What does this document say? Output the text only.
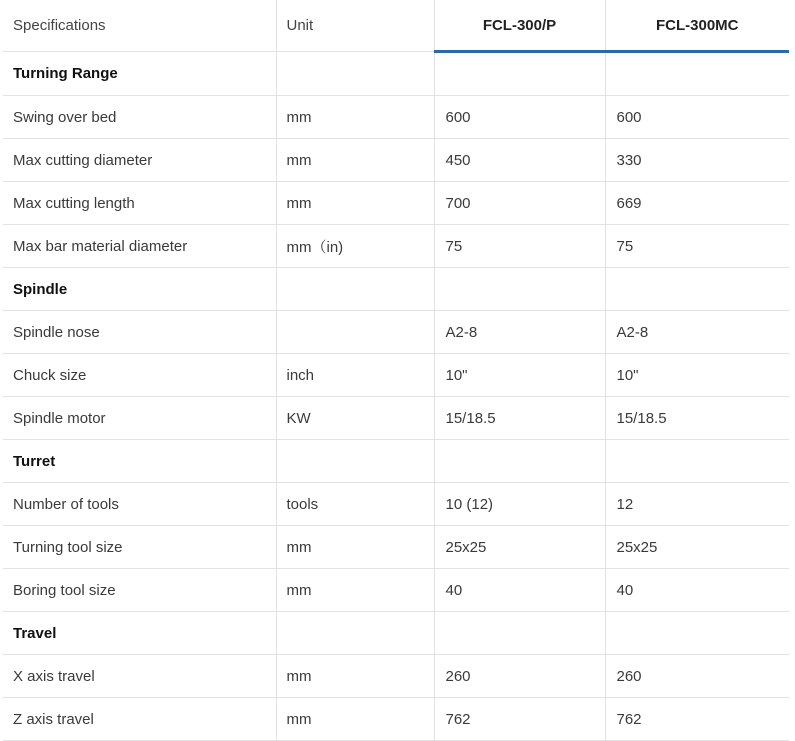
Specifications	Unit	FCL-300/P	FCL-300MC
Turning Range			
Swing over bed	mm	600	600
Max cutting diameter	mm	450	330
Max cutting length	mm	700	669
Max bar material diameter	mm（in)	75	75
Spindle			
Spindle nose		A2-8	A2-8
Chuck size	inch	10"	10"
Spindle motor	KW	15/18.5	15/18.5
Turret			
Number of tools	tools	10 (12)	12
Turning tool size	mm	25x25	25x25
Boring tool size	mm	40	40
Travel			
X axis travel	mm	260	260
Z axis travel	mm	762	762
